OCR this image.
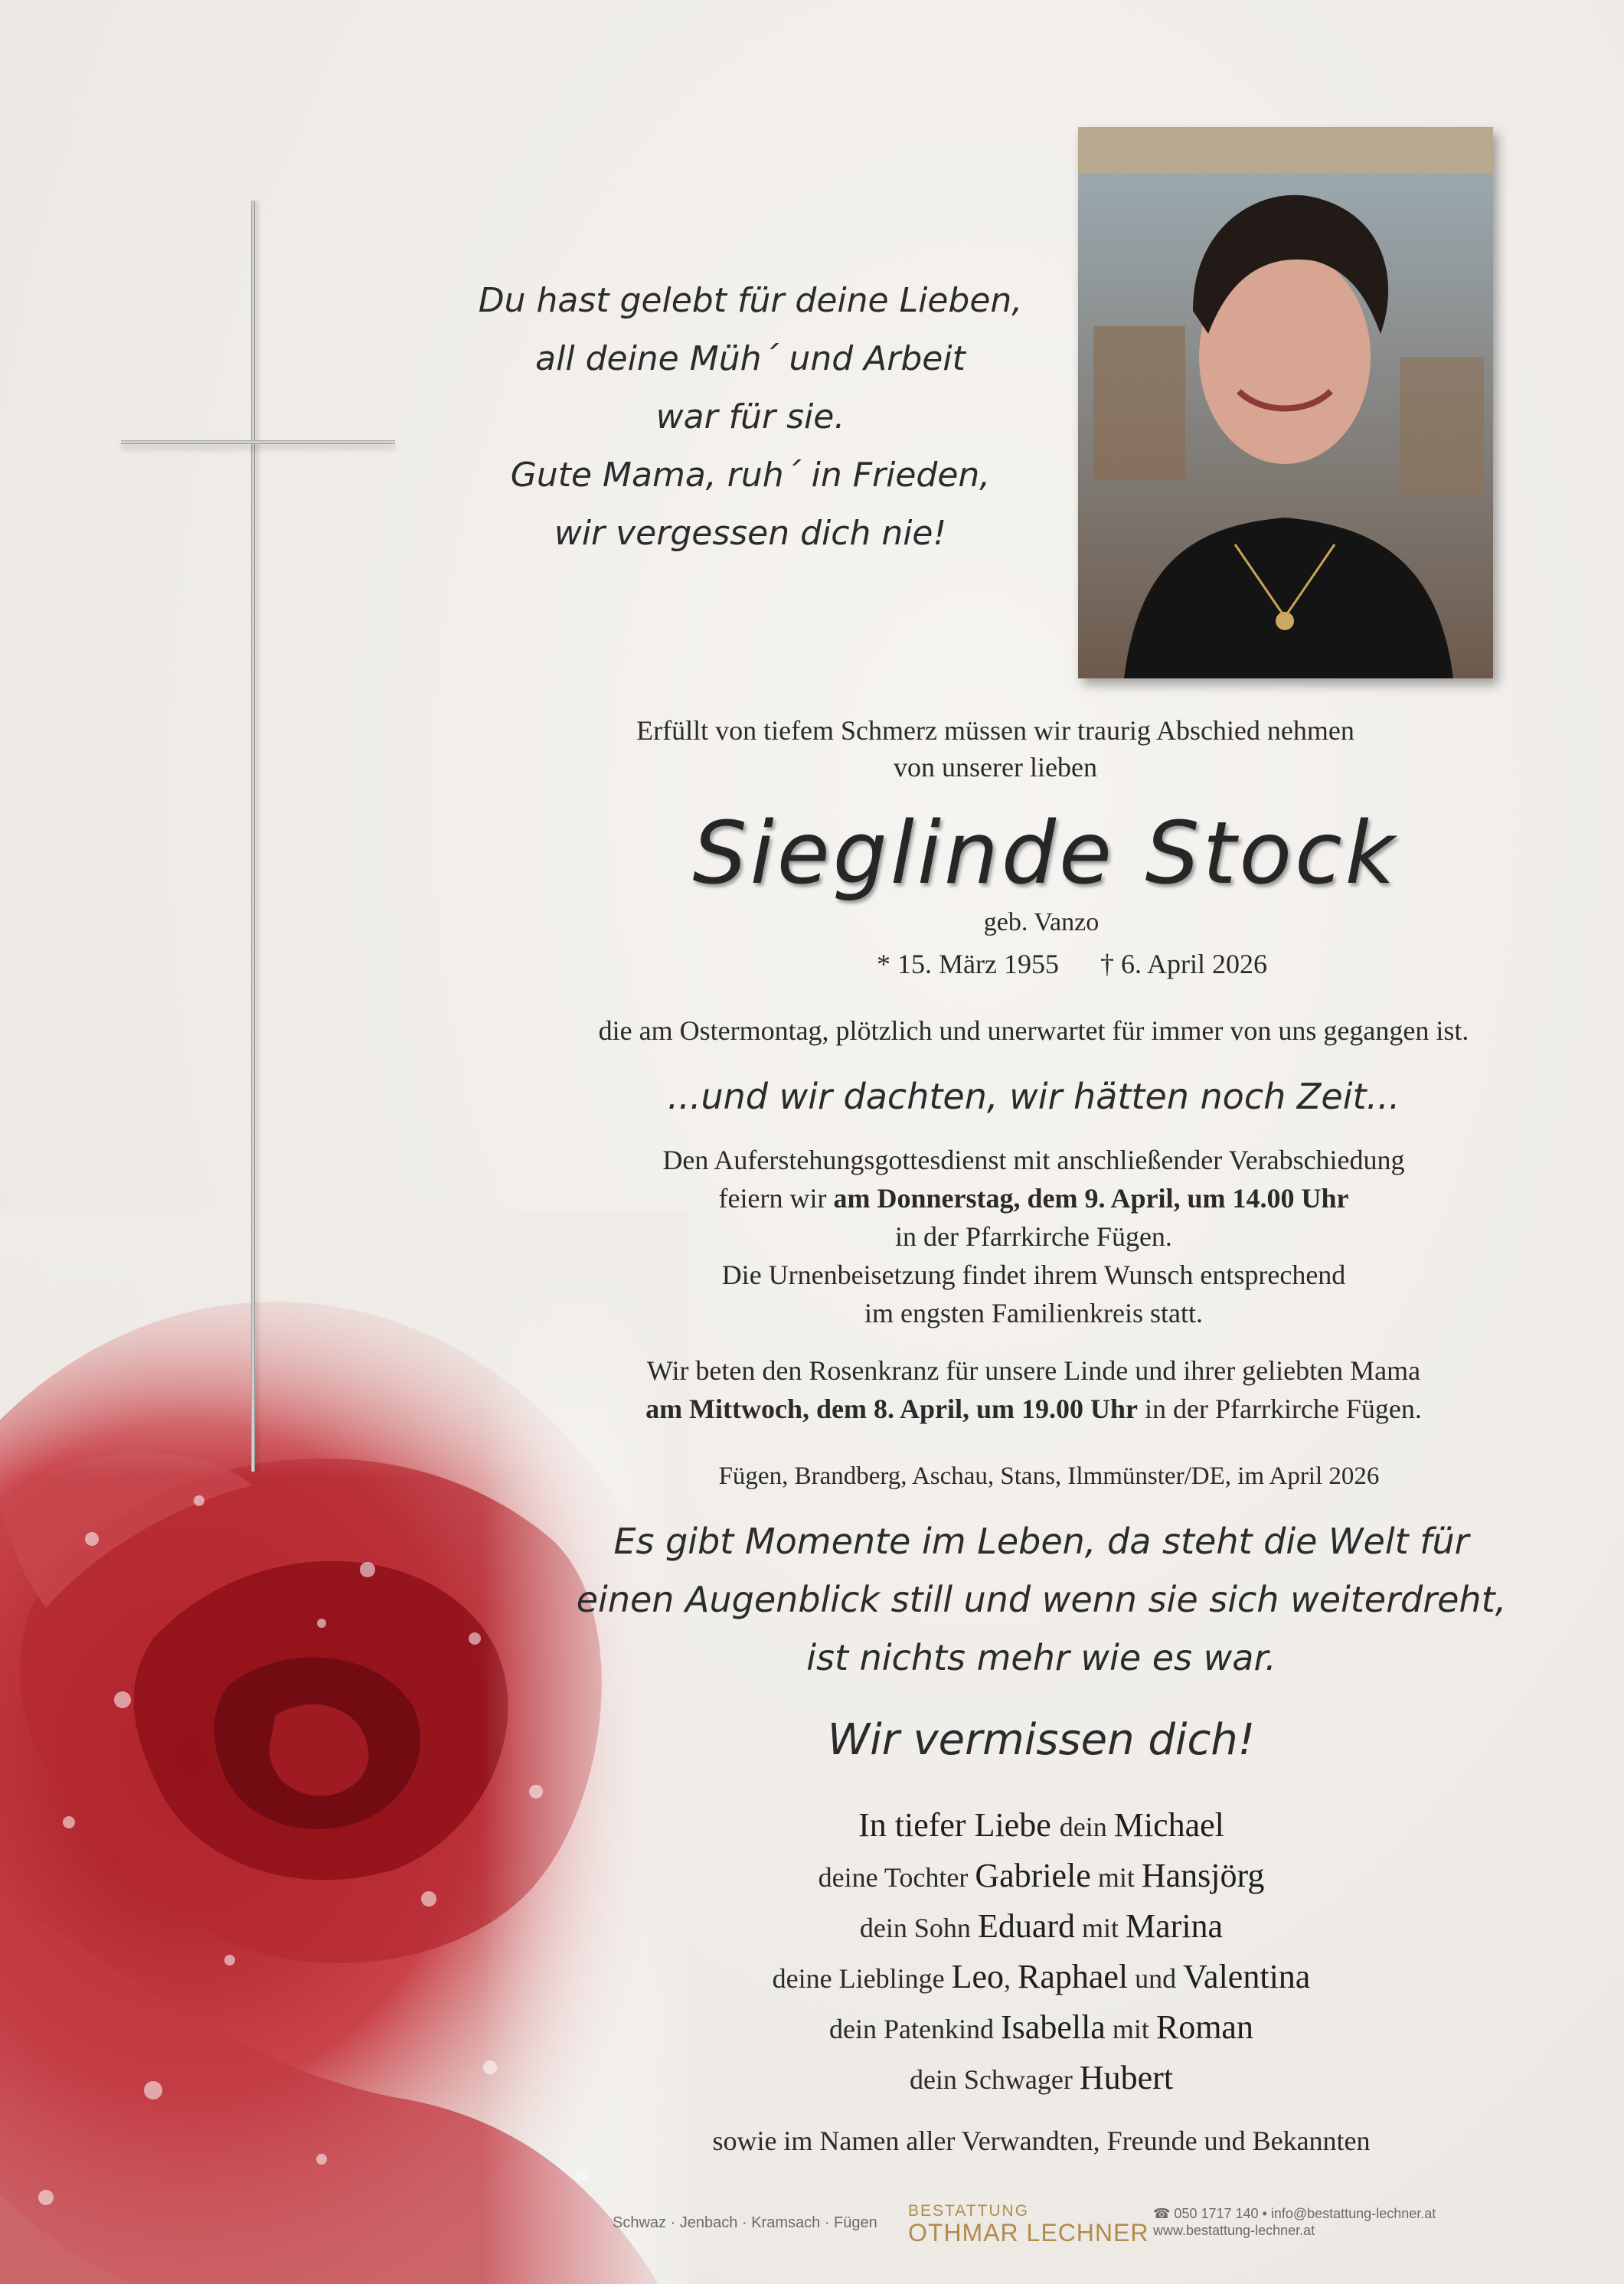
Du hast gelebt für deine Lieben,
all deine Müh´ und Arbeit
war für sie.
Gute Mama, ruh´ in Frieden,
wir vergessen dich nie!
Erfüllt von tiefem Schmerz müssen wir traurig Abschied nehmen
von unserer lieben
Sieglinde Stock
geb. Vanzo
* 15. März 1955 † 6. April 2026
die am Ostermontag, plötzlich und unerwartet für immer von uns gegangen ist.
...und wir dachten, wir hätten noch Zeit...
Den Auferstehungsgottesdienst mit anschließender Verabschiedung
feiern wir am Donnerstag, dem 9. April, um 14.00 Uhr
in der Pfarrkirche Fügen.
Die Urnenbeisetzung findet ihrem Wunsch entsprechend
im engsten Familienkreis statt.
Wir beten den Rosenkranz für unsere Linde und ihrer geliebten Mama
am Mittwoch, dem 8. April, um 19.00 Uhr in der Pfarrkirche Fügen.
Fügen, Brandberg, Aschau, Stans, Ilmmünster/DE, im April 2026
Es gibt Momente im Leben, da steht die Welt für
einen Augenblick still und wenn sie sich weiterdreht,
ist nichts mehr wie es war.
Wir vermissen dich!
In tiefer Liebe dein Michael
deine Tochter Gabriele mit Hansjörg
dein Sohn Eduard mit Marina
deine Lieblinge Leo, Raphael und Valentina
dein Patenkind Isabella mit Roman
dein Schwager Hubert
sowie im Namen aller Verwandten, Freunde und Bekannten
Schwaz · Jenbach · Kramsach · Fügen
BESTATTUNG
OTHMAR LECHNER
☎ 050 1717 140 • info@bestattung-lechner.at
www.bestattung-lechner.at
